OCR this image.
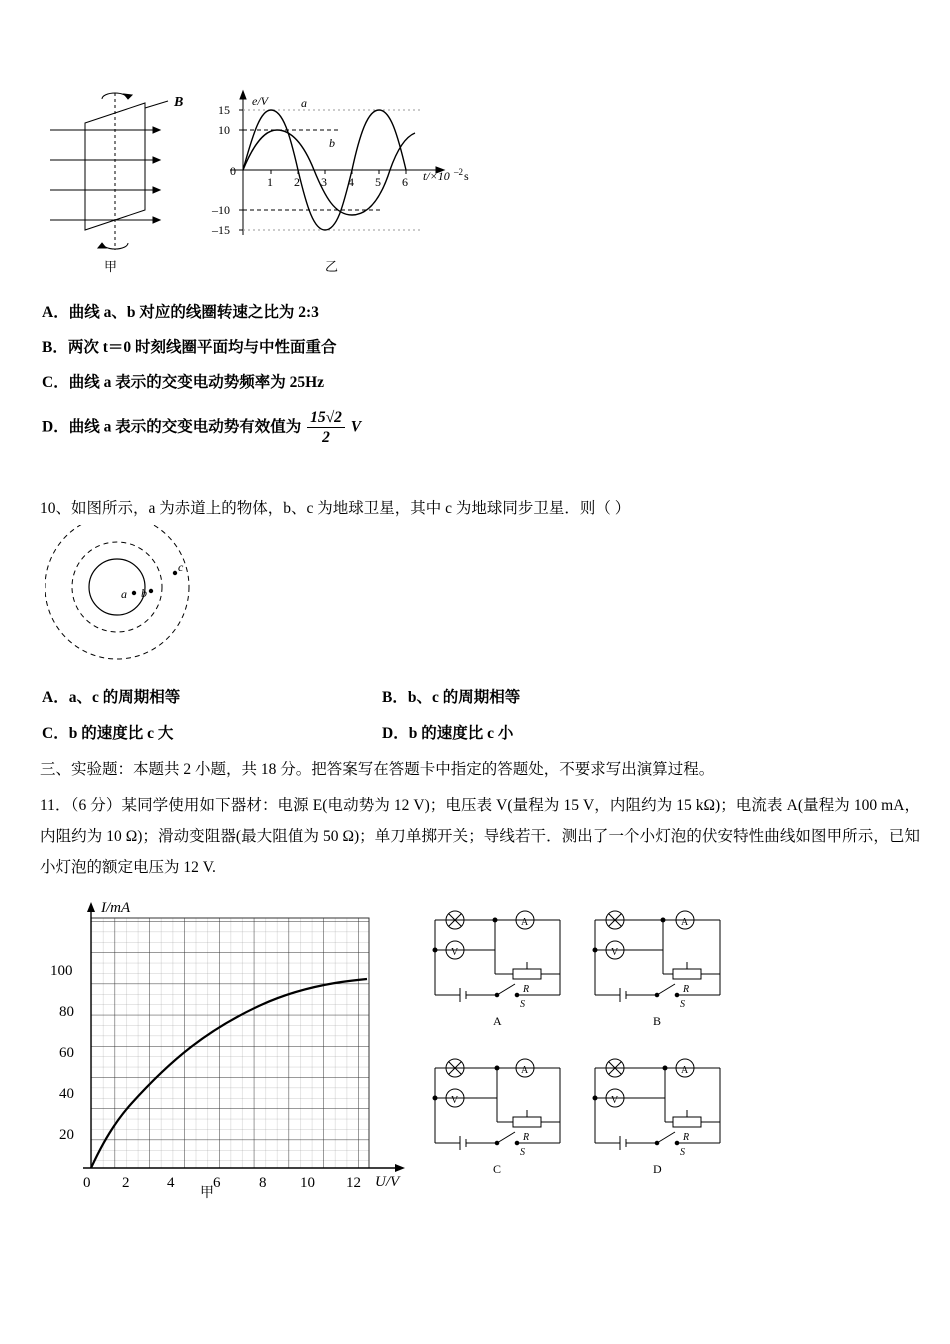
B
甲
e/V	a
b
15
10
–10
–15
0
1 2 3 4 5 6 t/×10 –2 s
乙
A．曲线 a、b 对应的线圈转速之比为 2:3
B．两次 t＝0 时刻线圈平面均与中性面重合
C．曲线 a 表示的交变电动势频率为 25Hz
D．曲线 a 表示的交变电动势有效值为 $\frac{15√2}{2}$ V
10、如图所示，a 为赤道上的物体，b、c 为地球卫星，其中 c 为地球同步卫星．则（ ）
a b
c
A．a、c 的周期相等	B．b、c 的周期相等
C．b 的速度比 c 大	D．b 的速度比 c 小
三、实验题：本题共 2 小题，共 18 分。把答案写在答题卡中指定的答题处，不要求写出演算过程。
11．（6 分）某同学使用如下器材：电源 E(电动势为 12 V)；电压表 V(量程为 15 V，内阻约为 15 kΩ)；电流表 A(量程为 100 mA，内阻约为 10 Ω)；滑动变阻器(最大阻值为 50 Ω)；单刀单掷开关；导线若干．测出了一个小灯泡的伏安特性曲线如图甲所示，已知小灯泡的额定电压为 12 V.
20
40
60
80
100
0 2	4	6	8 10 12
I/mA
U/V
甲
A
V
R
S
A
A
V
R
S
B
A
V
R
S
C
A
V
R
S
D
